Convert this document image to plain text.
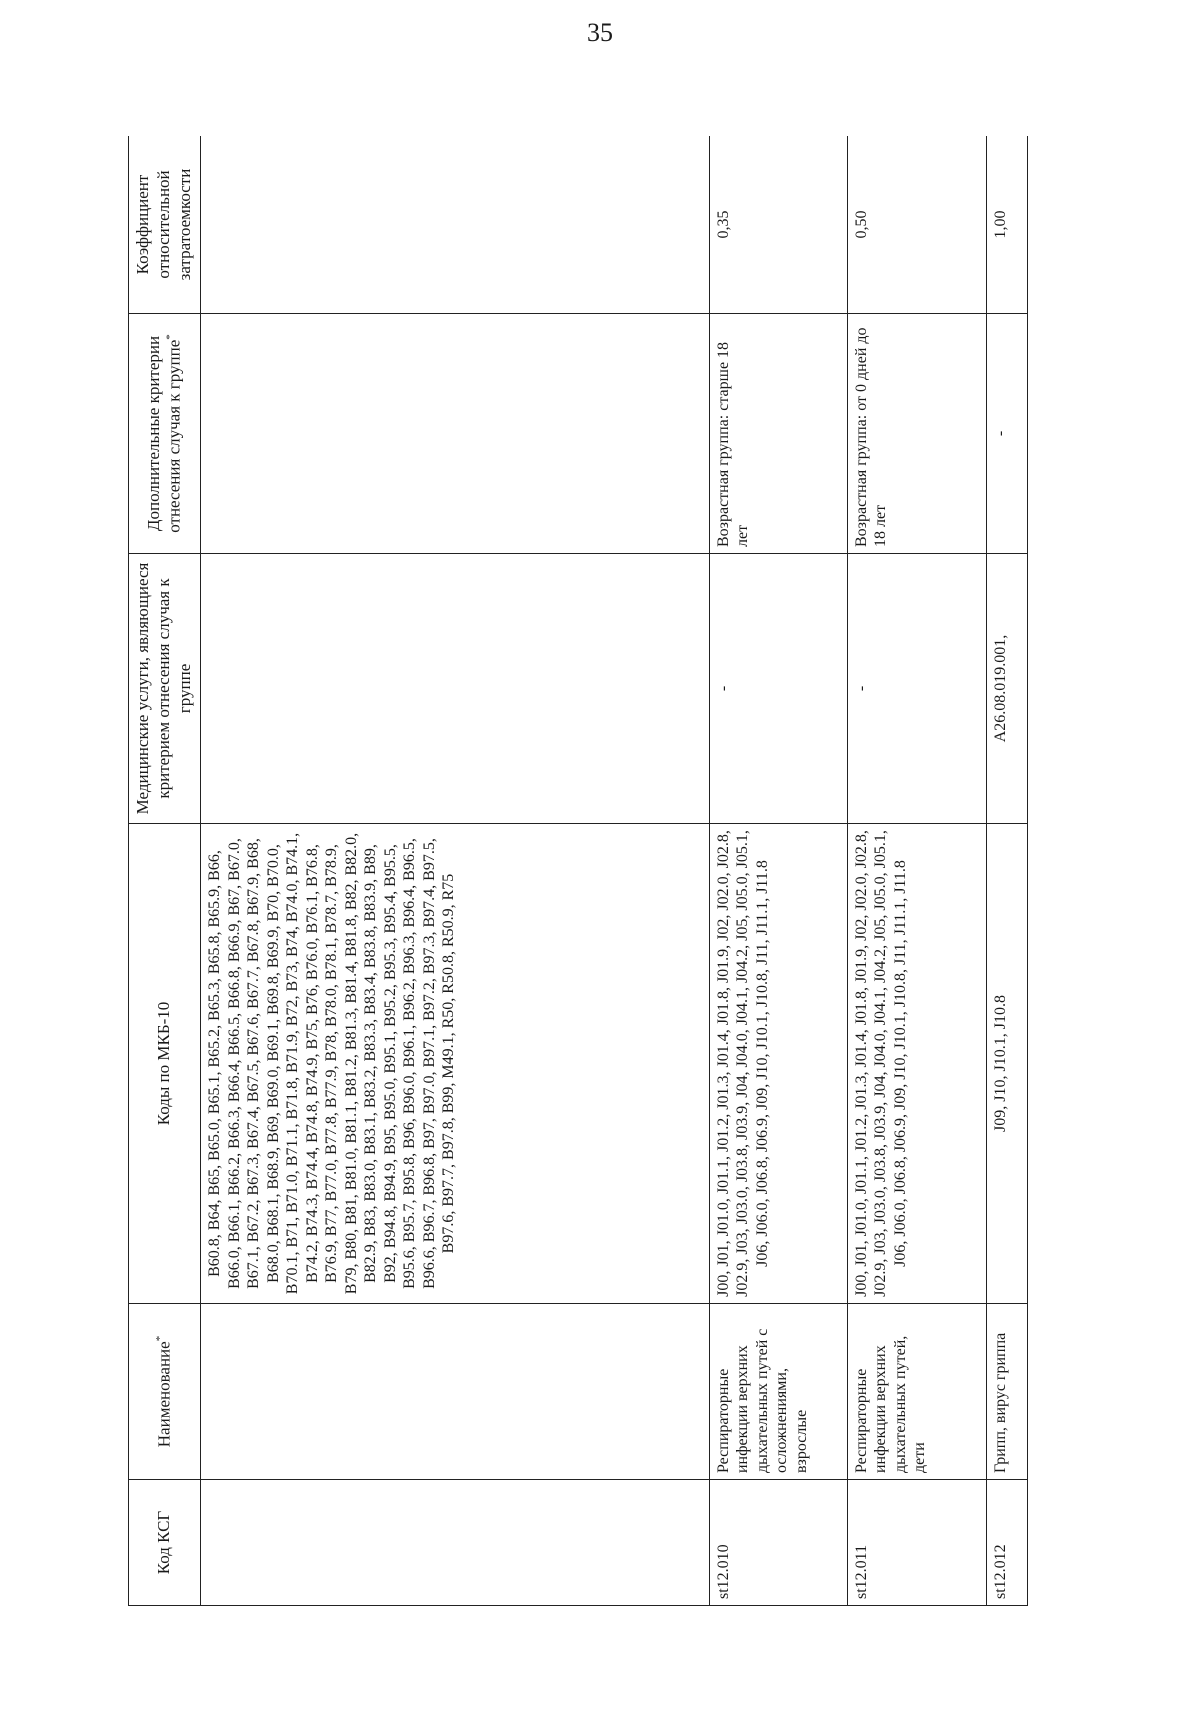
35
Код КСГ	Наименование*	Коды по МКБ-10	Медицинские услуги, являющиеся критерием отнесения случая к группе	Дополнительные критерии отнесения случая к группе*	Коэффициент относительной затратоемкости
		B60.8, B64, B65, B65.0, B65.1, B65.2, B65.3, B65.8, B65.9, B66, B66.0, B66.1, B66.2, B66.3, B66.4, B66.5, B66.8, B66.9, B67, B67.0, B67.1, B67.2, B67.3, B67.4, B67.5, B67.6, B67.7, B67.8, B67.9, B68, B68.0, B68.1, B68.9, B69, B69.0, B69.1, B69.8, B69.9, B70, B70.0, B70.1, B71, B71.0, B71.1, B71.8, B71.9, B72, B73, B74, B74.0, B74.1, B74.2, B74.3, B74.4, B74.8, B74.9, B75, B76, B76.0, B76.1, B76.8, B76.9, B77, B77.0, B77.8, B77.9, B78, B78.0, B78.1, B78.7, B78.9, B79, B80, B81, B81.0, B81.1, B81.2, B81.3, B81.4, B81.8, B82, B82.0, B82.9, B83, B83.0, B83.1, B83.2, B83.3, B83.4, B83.8, B83.9, B89, B92, B94.8, B94.9, B95, B95.0, B95.1, B95.2, B95.3, B95.4, B95.5, B95.6, B95.7, B95.8, B96, B96.0, B96.1, B96.2, B96.3, B96.4, B96.5, B96.6, B96.7, B96.8, B97, B97.0, B97.1, B97.2, B97.3, B97.4, B97.5, B97.6, B97.7, B97.8, B99, M49.1, R50, R50.8, R50.9, R75			
st12.010	Респираторные инфекции верхних дыхательных путей с осложнениями, взрослые	J00, J01, J01.0, J01.1, J01.2, J01.3, J01.4, J01.8, J01.9, J02, J02.0, J02.8, J02.9, J03, J03.0, J03.8, J03.9, J04, J04.0, J04.1, J04.2, J05, J05.0, J05.1, J06, J06.0, J06.8, J06.9, J09, J10, J10.1, J10.8, J11, J11.1, J11.8	-	Возрастная группа: старше 18 лет	0,35
st12.011	Респираторные инфекции верхних дыхательных путей, дети	J00, J01, J01.0, J01.1, J01.2, J01.3, J01.4, J01.8, J01.9, J02, J02.0, J02.8, J02.9, J03, J03.0, J03.8, J03.9, J04, J04.0, J04.1, J04.2, J05, J05.0, J05.1, J06, J06.0, J06.8, J06.9, J09, J10, J10.1, J10.8, J11, J11.1, J11.8	-	Возрастная группа: от 0 дней до 18 лет	0,50
st12.012	Грипп, вирус гриппа	J09, J10, J10.1, J10.8	A26.08.019.001,	-	1,00
